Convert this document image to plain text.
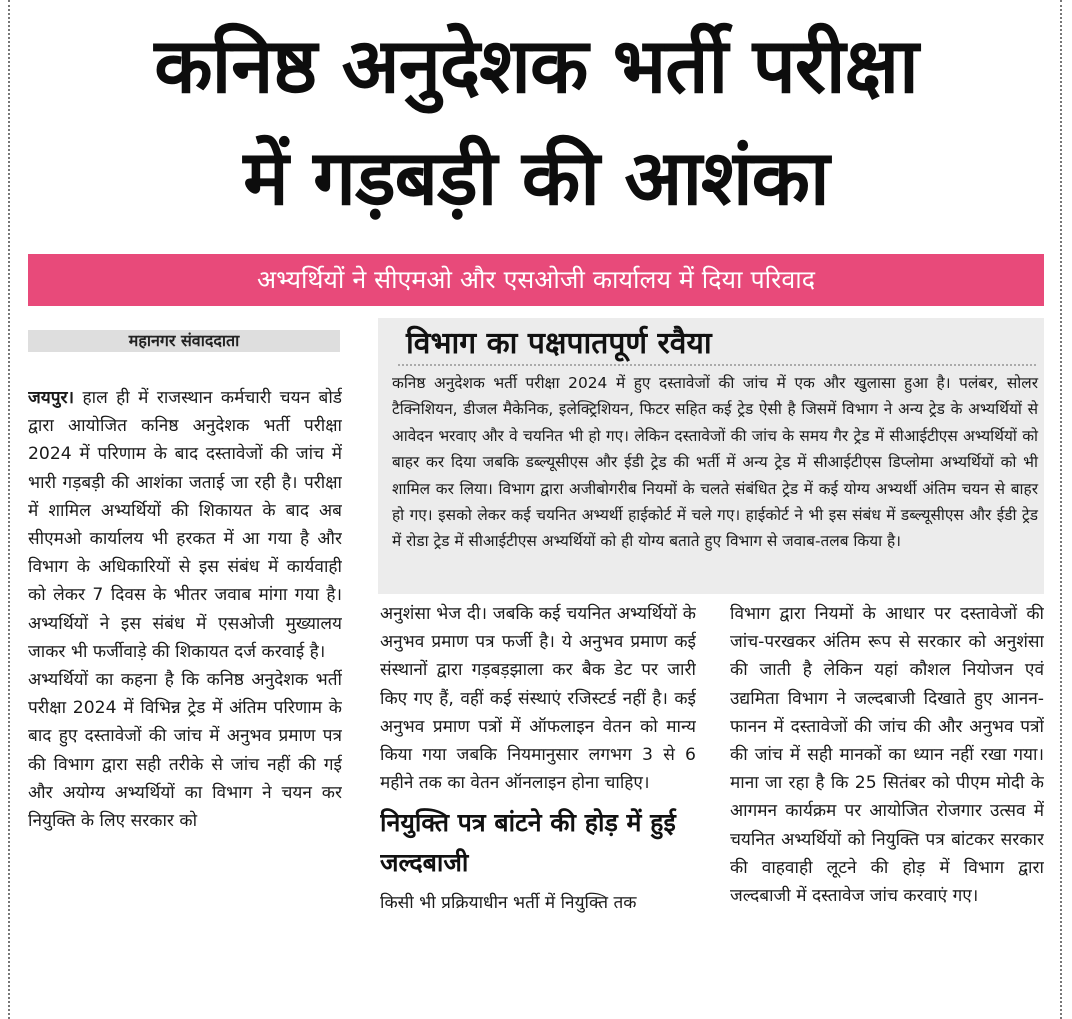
कनिष्ठ अनुदेशक भर्ती परीक्षा
में गड़बड़ी की आशंका
अभ्यर्थियों ने सीएमओ और एसओजी कार्यालय में दिया परिवाद
महानगर संवाददाता

जयपुर। हाल ही में राजस्थान कर्मचारी चयन बोर्ड द्वारा आयोजित कनिष्ठ अनुदेशक भर्ती परीक्षा 2024 में परिणाम के बाद दस्तावेजों की जांच में भारी गड़बड़ी की आशंका जताई जा रही है। परीक्षा में शामिल अभ्यर्थियों की शिकायत के बाद अब सीएमओ कार्यालय भी हरकत में आ गया है और विभाग के अधिकारियों से इस संबंध में कार्यवाही को लेकर 7 दिवस के भीतर जवाब मांगा गया है। अभ्यर्थियों ने इस संबंध में एसओजी मुख्यालय जाकर भी फर्जीवाड़े की शिकायत दर्ज करवाई है।

अभ्यर्थियों का कहना है कि कनिष्ठ अनुदेशक भर्ती परीक्षा 2024 में विभिन्न ट्रेड में अंतिम परिणाम के बाद हुए दस्तावेजों की जांच में अनुभव प्रमाण पत्र की विभाग द्वारा सही तरीके से जांच नहीं की गई और अयोग्य अभ्यर्थियों का विभाग ने चयन कर नियुक्ति के लिए सरकार को

विभाग का पक्षपातपूर्ण रवैया
कनिष्ठ अनुदेशक भर्ती परीक्षा 2024 में हुए दस्तावेजों की जांच में एक और खुलासा हुआ है। पलंबर, सोलर टैक्निशियन, डीजल मैकेनिक, इलेक्ट्रिशियन, फिटर सहित कई ट्रेड ऐसी है जिसमें विभाग ने अन्य ट्रेड के अभ्यर्थियों से आवेदन भरवाए और वे चयनित भी हो गए। लेकिन दस्तावेजों की जांच के समय गैर ट्रेड में सीआईटीएस अभ्यर्थियों को बाहर कर दिया जबकि डब्ल्यूसीएस और ईडी ट्रेड की भर्ती में अन्य ट्रेड में सीआईटीएस डिप्लोमा अभ्यर्थियों को भी शामिल कर लिया। विभाग द्वारा अजीबोगरीब नियमों के चलते संबंधित ट्रेड में कई योग्य अभ्यर्थी अंतिम चयन से बाहर हो गए। इसको लेकर कई चयनित अभ्यर्थी हाईकोर्ट में चले गए। हाईकोर्ट ने भी इस संबंध में डब्ल्यूसीएस और ईडी ट्रेड में रोडा ट्रेड में सीआईटीएस अभ्यर्थियों को ही योग्य बताते हुए विभाग से जवाब-तलब किया है।

अनुशंसा भेज दी। जबकि कई चयनित अभ्यर्थियों के अनुभव प्रमाण पत्र फर्जी है। ये अनुभव प्रमाण कई संस्थानों द्वारा गड़बड़झाला कर बैक डेट पर जारी किए गए हैं, वहीं कई संस्थाएं रजिस्टर्ड नहीं है। कई अनुभव प्रमाण पत्रों में ऑफलाइन वेतन को मान्य किया गया जबकि नियमानुसार लगभग 3 से 6 महीने तक का वेतन ऑनलाइन होना चाहिए।

नियुक्ति पत्र बांटने की होड़ में हुई जल्दबाजी

किसी भी प्रक्रियाधीन भर्ती में नियुक्ति तक

विभाग द्वारा नियमों के आधार पर दस्तावेजों की जांच-परखकर अंतिम रूप से सरकार को अनुशंसा की जाती है लेकिन यहां कौशल नियोजन एवं उद्यमिता विभाग ने जल्दबाजी दिखाते हुए आनन-फानन में दस्तावेजों की जांच की और अनुभव पत्रों की जांच में सही मानकों का ध्यान नहीं रखा गया। माना जा रहा है कि 25 सितंबर को पीएम मोदी के आगमन कार्यक्रम पर आयोजित रोजगार उत्सव में चयनित अभ्यर्थियों को नियुक्ति पत्र बांटकर सरकार की वाहवाही लूटने की होड़ में विभाग द्वारा जल्दबाजी में दस्तावेज जांच करवाएं गए।
